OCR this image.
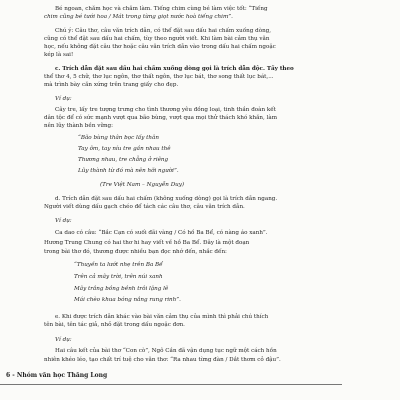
Bé ngoan, chăm học và chăm làm. Tiếng chim cùng bé làm việc tốt: “Tiếng

chim cũng bé tưới hoa / Mát trong từng giọt nước hoà tiếng chim”.

Chú ý: Câu thơ, câu văn trích dẫn, có thể đặt sau dấu hai chấm xuống dòng,

cũng có thể đặt sau dấu hai chấm, tùy theo người viết. Khi làm bài cảm thụ văn

học, nếu không đặt câu thơ hoặc câu văn trích dẫn vào trong dấu hai chấm ngoặc

kép là sai!

c. Trích dẫn đặt sau dấu hai chấm xuống dòng gọi là trích dẫn độc. Tấy theo

thể thơ 4, 5 chữ, thơ lục ngôn, thơ thất ngôn, thơ lục bát, thơ song thất lục bát,...

mà trình bày căn xứng trên trang giấy cho đẹp.

Ví dụ:

Cây tre, lấy tre tượng trưng cho tình thương yêu đồng loại, tinh thần đoàn kết

dân tộc để có sức mạnh vượt qua bão bùng, vượt qua mọi thử thách khó khăn, làm

nên lũy thành bền vững:

“Bão bùng thân bọc lấy thân

Tay ôm, tay níu tre gần nhau thê

Thương nhau, tre chẳng ở riêng

Lũy thành từ đó mà nên hỡi người”.

(Tre Việt Nam – Nguyễn Duy)

d. Trích dẫn đặt sau dấu hai chấm (không xuống dòng) gọi là trích dẫn ngang.

Người viết dùng dấu gạch chéo để tách các câu thơ, câu văn trích dẫn.

Ví dụ:

Ca dao có câu: “Bắc Cạn có suối đãi vàng / Có hồ Ba Bể, có nàng áo xanh”.

Hương Trung Chung có hai thơ hi hay viết về hồ Ba Bể. Đây là một đoạn

trong bài thơ đó, thương được nhiều bạn đọc nhớ đến, nhắc đến:

“Thuyền ta lướt nhẹ trên Ba Bể

Trên cả mây trời, trên núi xanh

Mây trắng bồng bềnh trôi lặng lẽ

Mái chèo khua bóng nắng rung rinh”.

e. Khi được trích dẫn khác vào bài văn cảm thụ của mình thì phải chú thích

tên bài, tên tác giả, nhỏ đặt trong dấu ngoặc đơn.

Ví dụ:

Hai câu kết của bài thơ “Con cò”, Ngô Cần đã vận dụng tục ngữ một cách hồn

nhiên khéo léo, tạo chất trí tuệ cho văn thơ: “Ra nhau từng đàn / Dắt thơm cỏ đậu”.

6 - Nhóm văn học Thăng Long
